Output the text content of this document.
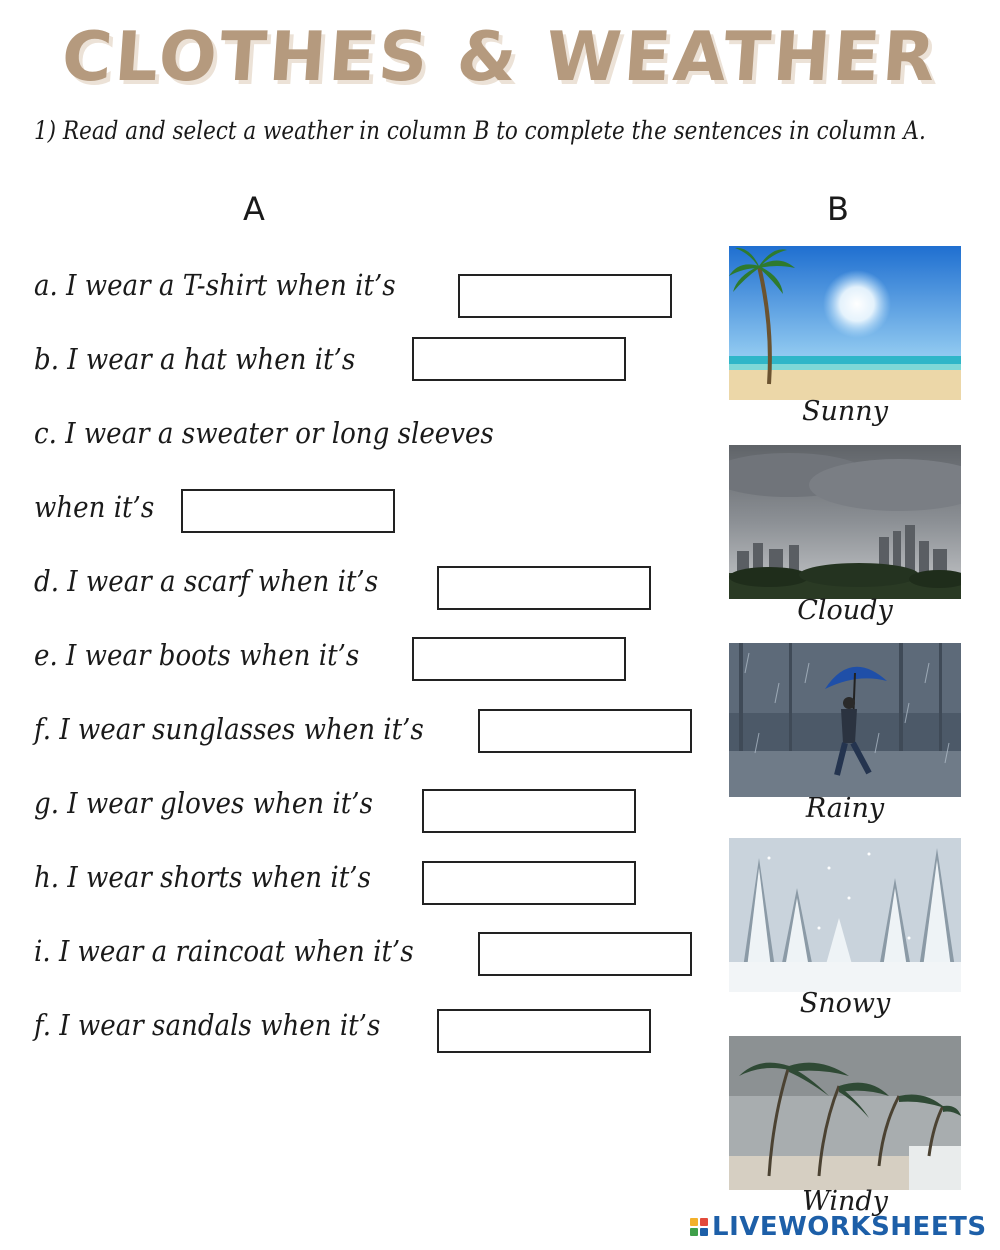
CLOTHES & WEATHER
1) Read and select a weather in column B to complete the sentences in column A.
A	B
a. I wear a T-shirt when it’s
b. I wear a hat when it’s
c. I wear a sweater or long sleeves
when it’s
d. I wear a scarf when it’s
e. I wear boots when it’s
f. I wear sunglasses when it’s
g. I wear gloves when it’s
h. I wear shorts when it’s
i. I wear a raincoat when it’s
f. I wear sandals when it’s
Sunny
Cloudy
Rainy
Snowy
Windy
LIVEWORKSHEETS
